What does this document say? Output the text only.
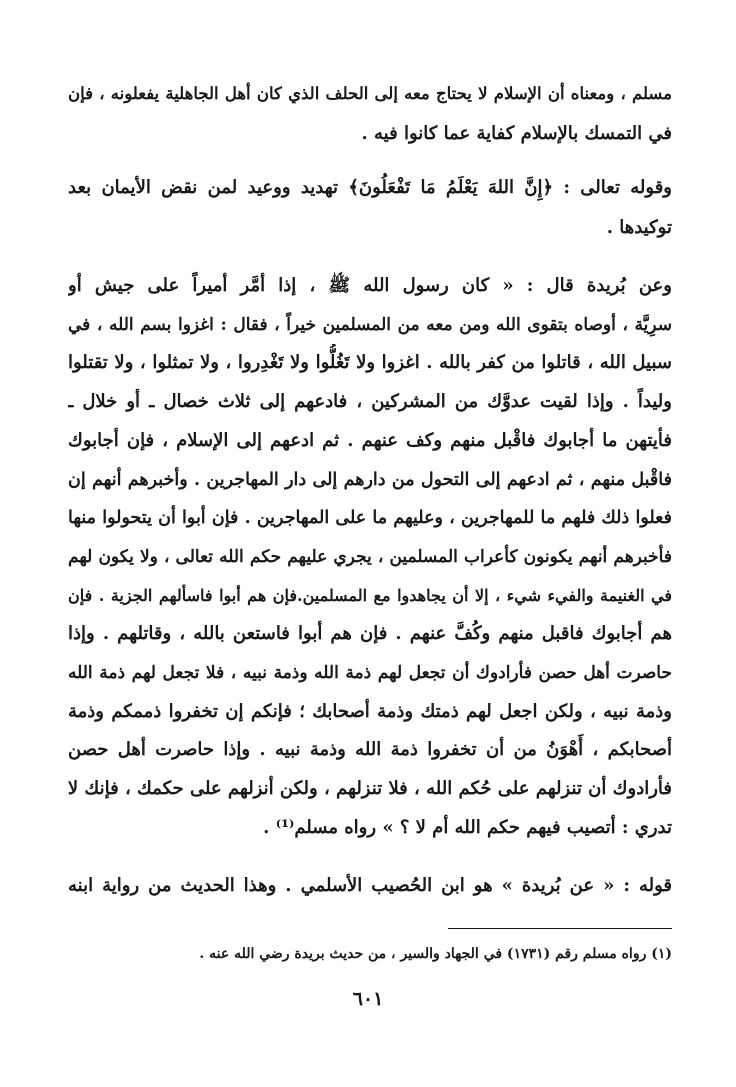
مسلم ، ومعناه أن الإسلام لا يحتاج معه إلى الحلف الذي كان أهل الجاهلية يفعلونه ، فإن
في التمسك بالإسلام كفاية عما كانوا فيه .
وقوله تعالى : ﴿إِنَّ اللهَ يَعْلَمُ مَا تَفْعَلُونَ﴾ تهديد ووعيد لمن نقض الأيمان بعد
توكيدها .
وعن بُريدة قال : « كان رسول الله ﷺ ، إذا أمَّر أميراً على جيش أو
سرِيَّة ، أوصاه بتقوى الله ومن معه من المسلمين خيراً ، فقال : اغزوا بسم الله ، في
سبيل الله ، قاتلوا من كفر بالله . اغزوا ولا تَغُلُّوا ولا تَغْدِروا ، ولا تمثلوا ، ولا تقتلوا
وليداً . وإذا لقيت عدوَّك من المشركين ، فادعهم إلى ثلاث خصال ـ أو خلال ـ
فأيتهن ما أجابوك فاقْبل منهم وكف عنهم . ثم ادعهم إلى الإسلام ، فإن أجابوك
فاقْبل منهم ، ثم ادعهم إلى التحول من دارهم إلى دار المهاجرين . وأخبرهم أنهم إن
فعلوا ذلك فلهم ما للمهاجرين ، وعليهم ما على المهاجرين . فإن أبوا أن يتحولوا منها
فأخبرهم أنهم يكونون كأعراب المسلمين ، يجري عليهم حكم الله تعالى ، ولا يكون لهم
في الغنيمة والفيء شيء ، إلا أن يجاهدوا مع المسلمين.فإن هم أبوا فاسألهم الجزية . فإن
هم أجابوك فاقبل منهم وكُفَّ عنهم . فإن هم أبوا فاستعن بالله ، وقاتلهم . وإذا
حاصرت أهل حصن فأرادوك أن تجعل لهم ذمة الله وذمة نبيه ، فلا تجعل لهم ذمة الله
وذمة نبيه ، ولكن اجعل لهم ذمتك وذمة أصحابك ؛ فإنكم إن تخفروا ذممكم وذمة
أصحابكم ، أَهْوَنُ من أن تخفروا ذمة الله وذمة نبيه . وإذا حاصرت أهل حصن
فأرادوك أن تنزلهم على حُكم الله ، فلا تنزلهم ، ولكن أنزلهم على حكمك ، فإنك لا
تدري : أتصيب فيهم حكم الله أم لا ؟ » رواه مسلم⁽¹⁾ .
قوله : « عن بُريدة » هو ابن الحُصيب الأسلمي . وهذا الحديث من رواية ابنه
(١) رواه مسلم رقم (١٧٣١) في الجهاد والسير ، من حديث بريدة رضي الله عنه .
٦٠١
